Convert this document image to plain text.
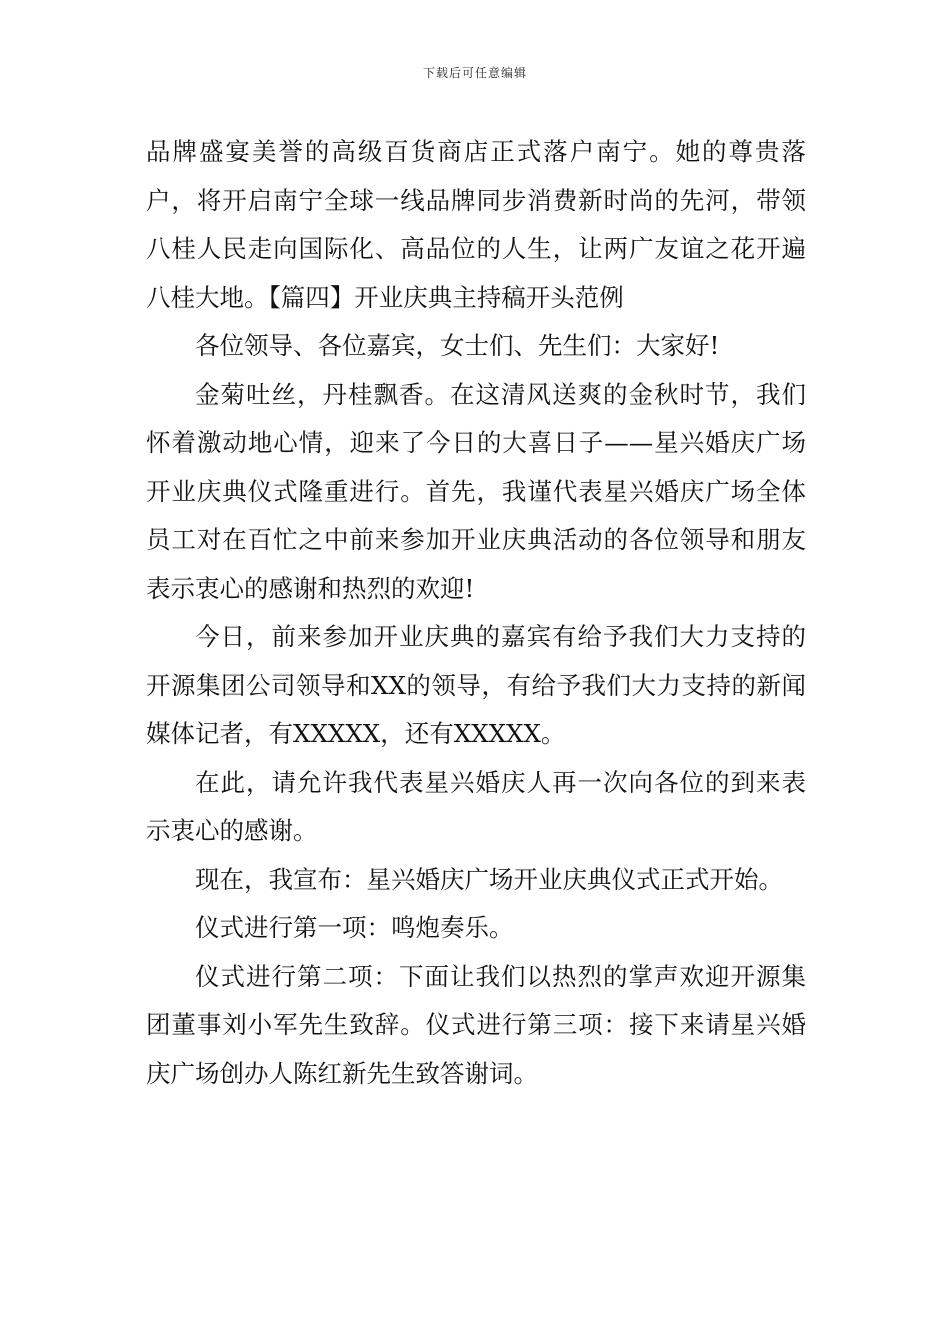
下载后可任意编辑

品牌盛宴美誉的高级百货商店正式落户南宁。她的尊贵落户，将开启南宁全球一线品牌同步消费新时尚的先河，带领八桂人民走向国际化、高品位的人生，让两广友谊之花开遍八桂大地。【篇四】开业庆典主持稿开头范例

各位领导、各位嘉宾，女士们、先生们：大家好!

金菊吐丝，丹桂飘香。在这清风送爽的金秋时节，我们怀着激动地心情，迎来了今日的大喜日子——星兴婚庆广场开业庆典仪式隆重进行。首先，我谨代表星兴婚庆广场全体员工对在百忙之中前来参加开业庆典活动的各位领导和朋友表示衷心的感谢和热烈的欢迎!

今日，前来参加开业庆典的嘉宾有给予我们大力支持的开源集团公司领导和XX的领导，有给予我们大力支持的新闻媒体记者，有XXXXX，还有XXXXX。

在此，请允许我代表星兴婚庆人再一次向各位的到来表示衷心的感谢。

现在，我宣布：星兴婚庆广场开业庆典仪式正式开始。

仪式进行第一项：鸣炮奏乐。

仪式进行第二项：下面让我们以热烈的掌声欢迎开源集团董事刘小军先生致辞。仪式进行第三项：接下来请星兴婚庆广场创办人陈红新先生致答谢词。
